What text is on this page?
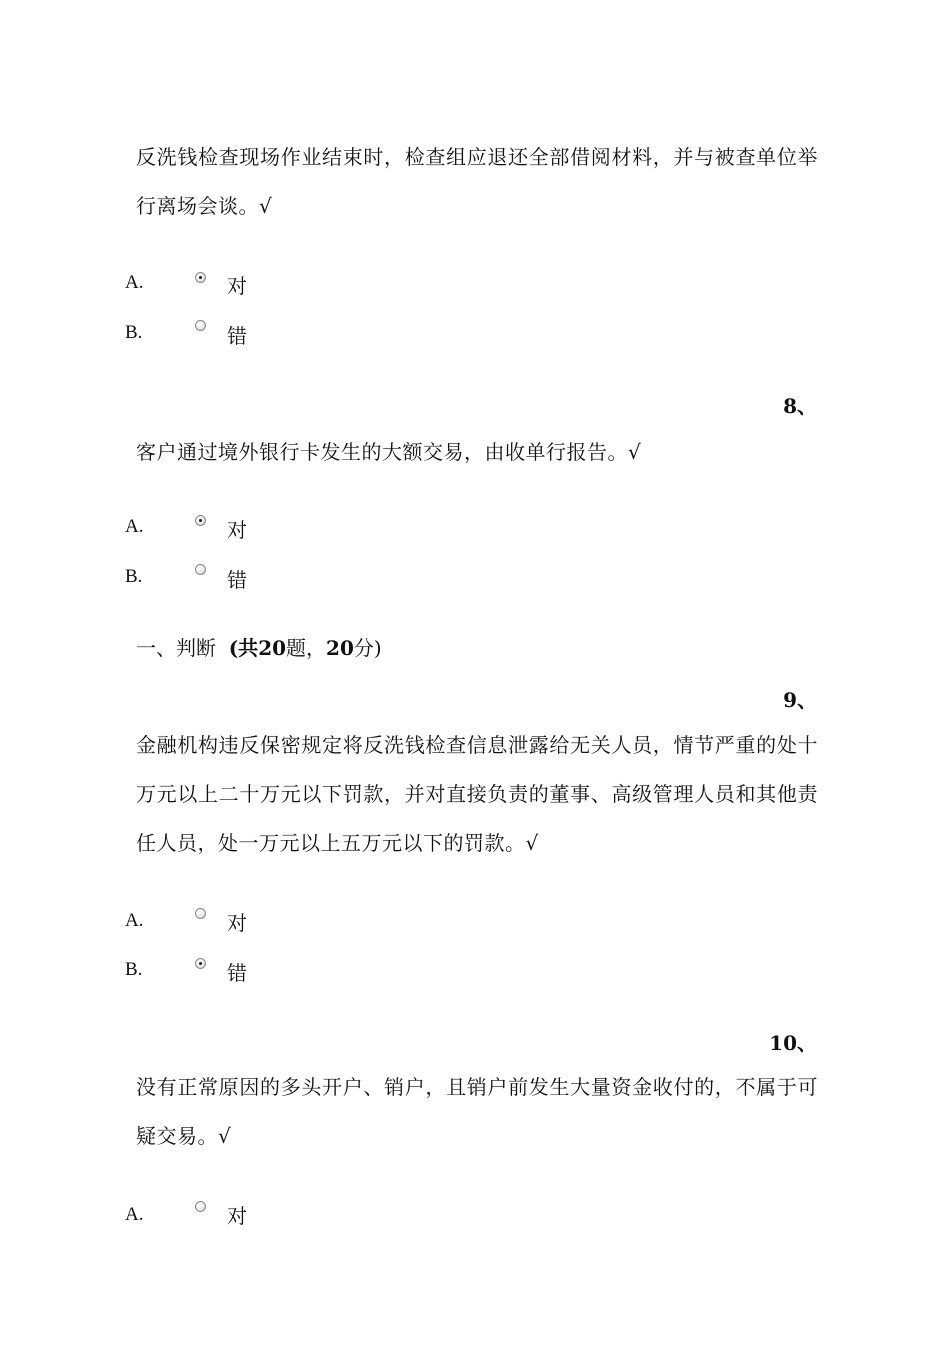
反洗钱检查现场作业结束时，检查组应退还全部借阅材料，并与被查单位举行离场会谈。√
A.	对
B.	错
8、
客户通过境外银行卡发生的大额交易，由收单行报告。√
A.	对
B.	错
一、判断 (共20题，20分)
9、
金融机构违反保密规定将反洗钱检查信息泄露给无关人员，情节严重的处十万元以上二十万元以下罚款，并对直接负责的董事、高级管理人员和其他责任人员，处一万元以上五万元以下的罚款。√
A.	对
B.	错
10、
没有正常原因的多头开户、销户，且销户前发生大量资金收付的，不属于可疑交易。√
A.	对
